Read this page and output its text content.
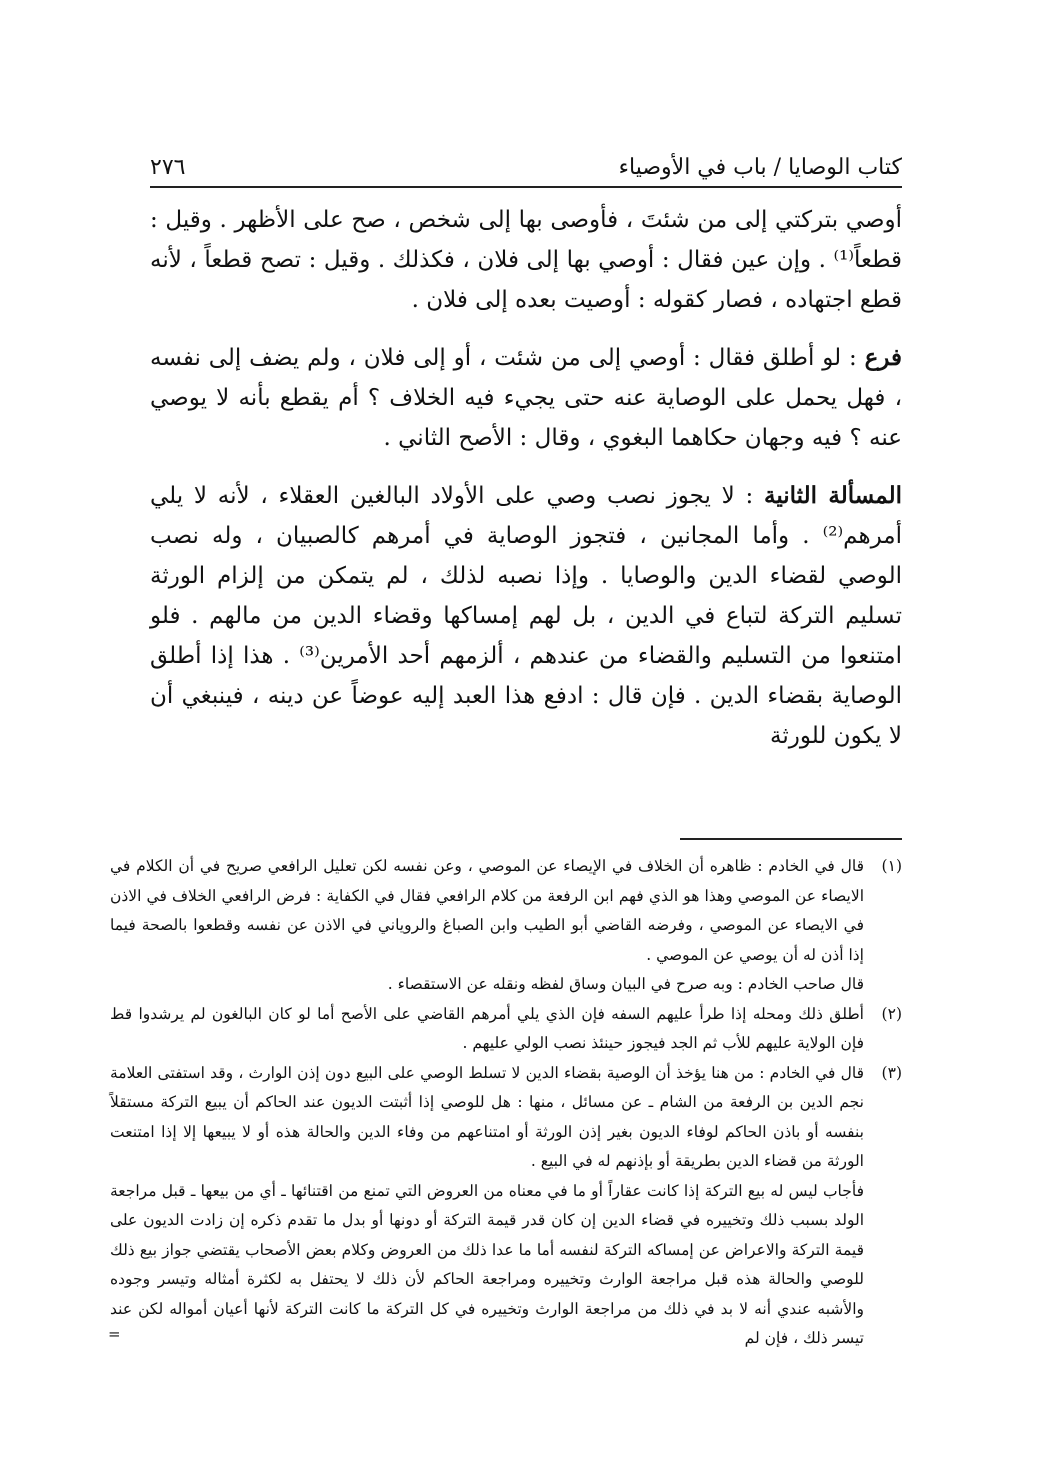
كتاب الوصايا / باب في الأوصياء
٢٧٦

أوصي بتركتي إلى من شئتَ ، فأوصى بها إلى شخص ، صح على الأظهر . وقيل : قطعاً⁽¹⁾ . وإن عين فقال : أوصي بها إلى فلان ، فكذلك . وقيل : تصح قطعاً ، لأنه قطع اجتهاده ، فصار كقوله : أوصيت بعده إلى فلان .

فرع : لو أطلق فقال : أوصي إلى من شئت ، أو إلى فلان ، ولم يضف إلى نفسه ، فهل يحمل على الوصاية عنه حتى يجيء فيه الخلاف ؟ أم يقطع بأنه لا يوصي عنه ؟ فيه وجهان حكاهما البغوي ، وقال : الأصح الثاني .

المسألة الثانية : لا يجوز نصب وصي على الأولاد البالغين العقلاء ، لأنه لا يلي أمرهم⁽²⁾ . وأما المجانين ، فتجوز الوصاية في أمرهم كالصبيان ، وله نصب الوصي لقضاء الدين والوصايا . وإذا نصبه لذلك ، لم يتمكن من إلزام الورثة تسليم التركة لتباع في الدين ، بل لهم إمساكها وقضاء الدين من مالهم . فلو امتنعوا من التسليم والقضاء من عندهم ، ألزمهم أحد الأمرين⁽³⁾ . هذا إذا أطلق الوصاية بقضاء الدين . فإن قال : ادفع هذا العبد إليه عوضاً عن دينه ، فينبغي أن لا يكون للورثة

(١)

قال في الخادم : ظاهره أن الخلاف في الإيصاء عن الموصي ، وعن نفسه لكن تعليل الرافعي صريح في أن الكلام في الايصاء عن الموصي وهذا هو الذي فهم ابن الرفعة من كلام الرافعي فقال في الكفاية : فرض الرافعي الخلاف في الاذن في الايصاء عن الموصي ، وفرضه القاضي أبو الطيب وابن الصباغ والروياني في الاذن عن نفسه وقطعوا بالصحة فيما إذا أذن له أن يوصي عن الموصي .

قال صاحب الخادم : وبه صرح في البيان وساق لفظه ونقله عن الاستقصاء .

(٢)

أطلق ذلك ومحله إذا طرأ عليهم السفه فإن الذي يلي أمرهم القاضي على الأصح أما لو كان البالغون لم يرشدوا قط فإن الولاية عليهم للأب ثم الجد فيجوز حينئذ نصب الولي عليهم .

(٣)

قال في الخادم : من هنا يؤخذ أن الوصية بقضاء الدين لا تسلط الوصي على البيع دون إذن الوارث ، وقد استفتى العلامة نجم الدين بن الرفعة من الشام ـ عن مسائل ، منها : هل للوصي إذا أثبتت الديون عند الحاكم أن يبيع التركة مستقلاً بنفسه أو باذن الحاكم لوفاء الديون بغير إذن الورثة أو امتناعهم من وفاء الدين والحالة هذه أو لا يبيعها إلا إذا امتنعت الورثة من قضاء الدين بطريقة أو بإذنهم له في البيع .

فأجاب ليس له بيع التركة إذا كانت عقاراً أو ما في معناه من العروض التي تمنع من اقتنائها ـ أي من بيعها ـ قبل مراجعة الولد بسبب ذلك وتخييره في قضاء الدين إن كان قدر قيمة التركة أو دونها أو بدل ما تقدم ذكره إن زادت الديون على قيمة التركة والاعراض عن إمساكه التركة لنفسه أما ما عدا ذلك من العروض وكلام بعض الأصحاب يقتضي جواز بيع ذلك للوصي والحالة هذه قبل مراجعة الوارث وتخييره ومراجعة الحاكم لأن ذلك لا يحتفل به لكثرة أمثاله وتيسر وجوده والأشبه عندي أنه لا بد في ذلك من مراجعة الوارث وتخييره في كل التركة ما كانت التركة لأنها أعيان أمواله لكن عند تيسر ذلك ، فإن لم

=
